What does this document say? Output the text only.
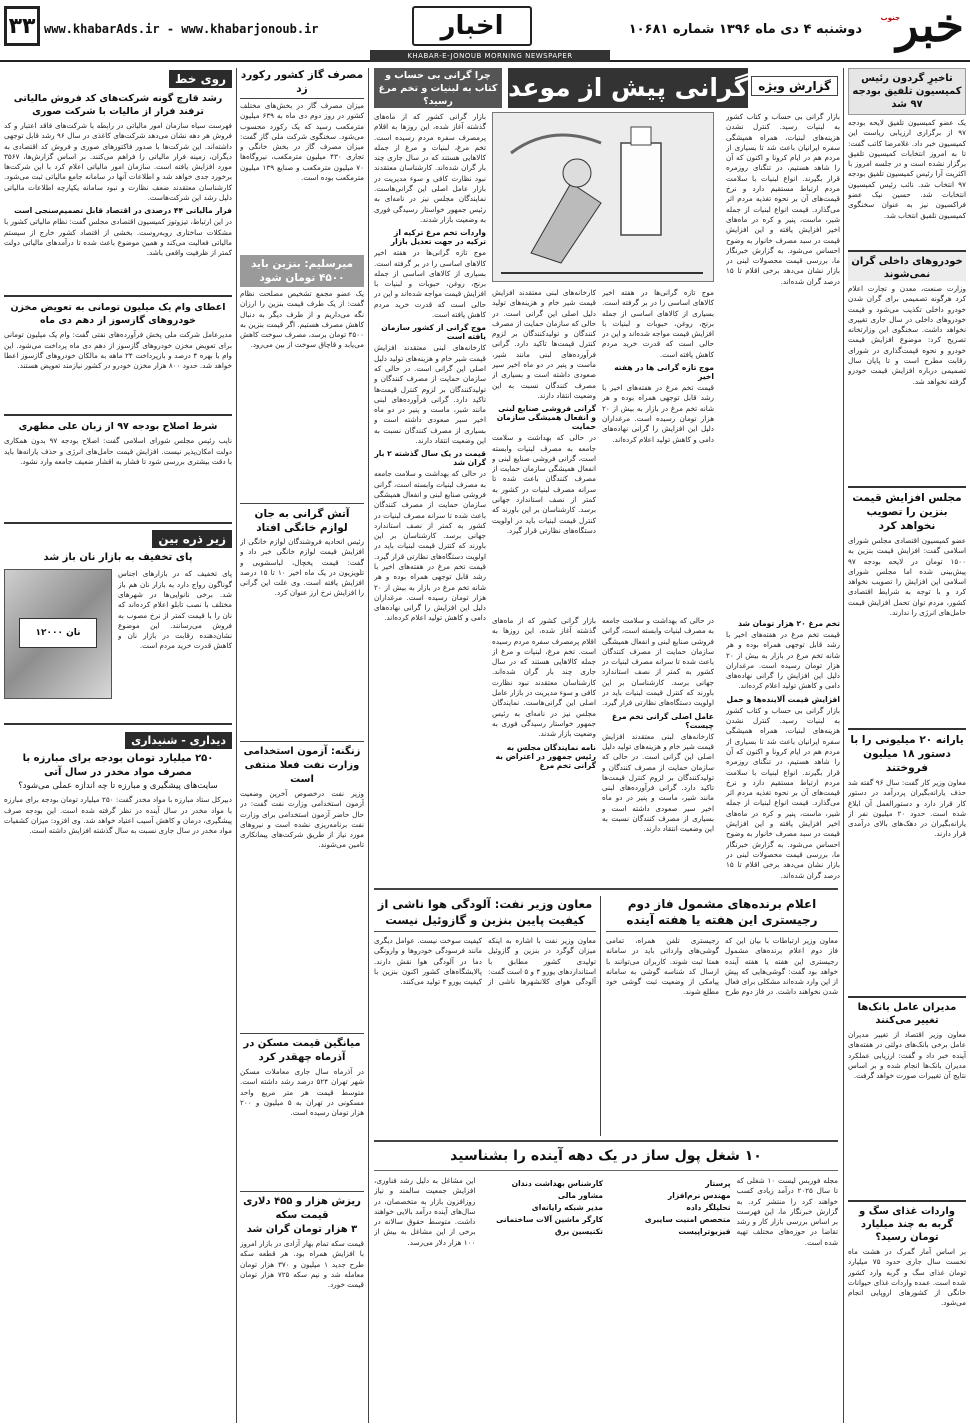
خبر
جنوب
دوشنبه ۴ دی ماه ۱۳۹۶ شماره ۱۰۶۸۱
اخبار
www.khabarAds.ir - www.khabarjonoub.ir
۳۳
KHABAR-E-JONOUB MORNING NEWSPAPER
تاخیرِ گردون رئیس کمیسیون تلفیق بودجه ۹۷ شد
یک عضو کمیسیون تلفیق لایحه بودجه ۹۷ از برگزاری ارزیابی ریاست این کمیسیون خبر داد. غلامرضا کاتب گفت: تا به امروز انتخابات کمیسیون تلفیق برگزار نشده است و در جلسه امروز با اکثریت آرا رئیس کمیسیون تلفیق بودجه ۹۷ انتخاب شد. نائب رئیس کمیسیون انتخابات شد. حسین نیک عضو فراکسیون نیز به عنوان سخنگوی کمیسیون تلفیق انتخاب شد.
خودروهای داخلی گران نمی‌شوند
وزارت صنعت، معدن و تجارت اعلام کرد هرگونه تصمیمی برای گران شدن خودرو داخلی تکذیب می‌شود و قیمت خودروهای داخلی در سال جاری تغییری نخواهد داشت. سخنگوی این وزارتخانه تصریح کرد: موضوع افزایش قیمت خودرو و نحوه قیمت‌گذاری در شورای رقابت مطرح است و تا پایان سال تصمیمی درباره افزایش قیمت خودرو گرفته نخواهد شد.
مجلس افزایش قیمت بنزین را تصویب نخواهد کرد
عضو کمیسیون اقتصادی مجلس شورای اسلامی گفت: افزایش قیمت بنزین به ۱۵۰۰ تومان در لایحه بودجه ۹۷ پیش‌بینی شده اما مجلس شورای اسلامی این افزایش را تصویب نخواهد کرد و با توجه به شرایط اقتصادی کشور، مردم توان تحمل افزایش قیمت حامل‌های انرژی را ندارند.
یارانه ۲۰ میلیونی را با دستور ۱۸ میلیون فروختند
معاون وزیر کار گفت: سال ۹۶ گفته شد حذف یارانه‌بگیران پردرآمد در دستور کار قرار دارد و دستورالعمل آن ابلاغ شده است. حدود ۲۰ میلیون نفر از یارانه‌بگیران در دهک‌های بالای درآمدی قرار دارند.
مدیران عامل بانک‌ها تغییر می‌کنند
معاون وزیر اقتصاد از تغییر مدیران عامل برخی بانک‌های دولتی در هفته‌های آینده خبر داد و گفت: ارزیابی عملکرد مدیران بانک‌ها انجام شده و بر اساس نتایج آن تغییرات صورت خواهد گرفت.
واردات غذای سگ و گربه به چند میلیارد تومان رسید؟
بر اساس آمار گمرک در هشت ماه نخست سال جاری حدود ۷۵ میلیارد تومان غذای سگ و گربه وارد کشور شده است. عمده واردات غذای حیوانات خانگی از کشورهای اروپایی انجام می‌شود.
گزارش ویژه
گرانی پیش از موعد
چرا گرانی بی حساب و کتاب به لبنیات و تخم مرغ رسید؟
بازار گرانی بی حساب و کتاب کشور به لبنیات رسید. کنترل نشدن هزینه‌های لبنیات، همراه همیشگی سفره ایرانیان باعث شد تا بسیاری از مردم هم در ایام کرونا و اکنون که آن را شاهد هستیم، در تنگنای روزمره قرار بگیرند. انواع لبنیات با سلامت مردم ارتباط مستقیم دارد و نرخ قیمت‌های آن بر نحوه تغذیه مردم اثر می‌گذارد. قیمت انواع لبنیات از جمله شیر، ماست، پنیر و کره در ماه‌های اخیر افزایش یافته و این افزایش قیمت در سبد مصرف خانوار به وضوح احساس می‌شود. به گزارش خبرنگار ما، بررسی قیمت محصولات لبنی در بازار نشان می‌دهد برخی اقلام تا ۱۵ درصد گران شده‌اند.
کارخانه‌های لبنی معتقدند افزایش قیمت شیر خام و هزینه‌های تولید دلیل اصلی این گرانی است. در حالی که سازمان حمایت از مصرف کنندگان و تولیدکنندگان بر لزوم کنترل قیمت‌ها تاکید دارد. گرانی فرآورده‌های لبنی مانند شیر، ماست و پنیر در دو ماه اخیر سیر صعودی داشته است و بسیاری از مصرف کنندگان نسبت به این وضعیت انتقاد دارند.
گرانی فروشی صنایع لبنی و انفعال همیشگی سازمان حمایت
در حالی که بهداشت و سلامت جامعه به مصرف لبنیات وابسته است، گرانی فروشی صنایع لبنی و انفعال همیشگی سازمان حمایت از مصرف کنندگان باعث شده تا سرانه مصرف لبنیات در کشور به کمتر از نصف استاندارد جهانی برسد. کارشناسان بر این باورند که کنترل قیمت لبنیات باید در اولویت دستگاه‌های نظارتی قرار گیرد.
موج تازه گرانی‌ها در هفته اخیر کالاهای اساسی را در بر گرفته است. بسیاری از کالاهای اساسی از جمله برنج، روغن، حبوبات و لبنیات با افزایش قیمت مواجه شده‌اند و این در حالی است که قدرت خرید مردم کاهش یافته است.
موج تازه گرانی ها در هفته اخیر
قیمت تخم مرغ در هفته‌های اخیر با رشد قابل توجهی همراه بوده و هر شانه تخم مرغ در بازار به بیش از ۲۰ هزار تومان رسیده است. مرغداران دلیل این افزایش را گرانی نهاده‌های دامی و کاهش تولید اعلام کرده‌اند.
تخم مرغ ۲۰ هزار تومان شد
قیمت تخم مرغ در هفته‌های اخیر با رشد قابل توجهی همراه بوده و هر شانه تخم مرغ در بازار به بیش از ۲۰ هزار تومان رسیده است. مرغداران دلیل این افزایش را گرانی نهاده‌های دامی و کاهش تولید اعلام کرده‌اند.
افزایش قیمت آلاینده‌ها و حمل
بازار گرانی بی حساب و کتاب کشور به لبنیات رسید. کنترل نشدن هزینه‌های لبنیات، همراه همیشگی سفره ایرانیان باعث شد تا بسیاری از مردم هم در ایام کرونا و اکنون که آن را شاهد هستیم، در تنگنای روزمره قرار بگیرند. انواع لبنیات با سلامت مردم ارتباط مستقیم دارد و نرخ قیمت‌های آن بر نحوه تغذیه مردم اثر می‌گذارد. قیمت انواع لبنیات از جمله شیر، ماست، پنیر و کره در ماه‌های اخیر افزایش یافته و این افزایش قیمت در سبد مصرف خانوار به وضوح احساس می‌شود. به گزارش خبرنگار ما، بررسی قیمت محصولات لبنی در بازار نشان می‌دهد برخی اقلام تا ۱۵ درصد گران شده‌اند.
در حالی که بهداشت و سلامت جامعه به مصرف لبنیات وابسته است، گرانی فروشی صنایع لبنی و انفعال همیشگی سازمان حمایت از مصرف کنندگان باعث شده تا سرانه مصرف لبنیات در کشور به کمتر از نصف استاندارد جهانی برسد. کارشناسان بر این باورند که کنترل قیمت لبنیات باید در اولویت دستگاه‌های نظارتی قرار گیرد.
عامل اصلی گرانی تخم مرغ چیست؟
کارخانه‌های لبنی معتقدند افزایش قیمت شیر خام و هزینه‌های تولید دلیل اصلی این گرانی است. در حالی که سازمان حمایت از مصرف کنندگان و تولیدکنندگان بر لزوم کنترل قیمت‌ها تاکید دارد. گرانی فرآورده‌های لبنی مانند شیر، ماست و پنیر در دو ماه اخیر سیر صعودی داشته است و بسیاری از مصرف کنندگان نسبت به این وضعیت انتقاد دارند.
بازار گرانی کشور که از ماه‌های گذشته آغاز شده، این روزها به اقلام پرمصرف سفره مردم رسیده است. تخم مرغ، لبنیات و مرغ از جمله کالاهایی هستند که در سال جاری چند بار گران شده‌اند. کارشناسان معتقدند نبود نظارت کافی و سوء مدیریت در بازار عامل اصلی این گرانی‌هاست. نمایندگان مجلس نیز در نامه‌ای به رئیس جمهور خواستار رسیدگی فوری به وضعیت بازار شدند.
نامه نمایندگان مجلس به رئیس جمهور در اعتراض به گرانی تخم مرغ
بازار گرانی کشور که از ماه‌های گذشته آغاز شده، این روزها به اقلام پرمصرف سفره مردم رسیده است. تخم مرغ، لبنیات و مرغ از جمله کالاهایی هستند که در سال جاری چند بار گران شده‌اند. کارشناسان معتقدند نبود نظارت کافی و سوء مدیریت در بازار عامل اصلی این گرانی‌هاست. نمایندگان مجلس نیز در نامه‌ای به رئیس جمهور خواستار رسیدگی فوری به وضعیت بازار شدند.
واردات تخم مرغ ترکیه از ترکیه در جهت تعدیل بازار
موج تازه گرانی‌ها در هفته اخیر کالاهای اساسی را در بر گرفته است. بسیاری از کالاهای اساسی از جمله برنج، روغن، حبوبات و لبنیات با افزایش قیمت مواجه شده‌اند و این در حالی است که قدرت خرید مردم کاهش یافته است.
موج گرانی از کشور سازمان یافته است
کارخانه‌های لبنی معتقدند افزایش قیمت شیر خام و هزینه‌های تولید دلیل اصلی این گرانی است. در حالی که سازمان حمایت از مصرف کنندگان و تولیدکنندگان بر لزوم کنترل قیمت‌ها تاکید دارد. گرانی فرآورده‌های لبنی مانند شیر، ماست و پنیر در دو ماه اخیر سیر صعودی داشته است و بسیاری از مصرف کنندگان نسبت به این وضعیت انتقاد دارند.
قیمت در یک سال گذشته ۲ بار گران شد
در حالی که بهداشت و سلامت جامعه به مصرف لبنیات وابسته است، گرانی فروشی صنایع لبنی و انفعال همیشگی سازمان حمایت از مصرف کنندگان باعث شده تا سرانه مصرف لبنیات در کشور به کمتر از نصف استاندارد جهانی برسد. کارشناسان بر این باورند که کنترل قیمت لبنیات باید در اولویت دستگاه‌های نظارتی قرار گیرد.
قیمت تخم مرغ در هفته‌های اخیر با رشد قابل توجهی همراه بوده و هر شانه تخم مرغ در بازار به بیش از ۲۰ هزار تومان رسیده است. مرغداران دلیل این افزایش را گرانی نهاده‌های دامی و کاهش تولید اعلام کرده‌اند.
اعلام برنده‌های مشمول فاز دوم رجیستری این هفته یا هفته آینده
معاون وزیر ارتباطات با بیان این که فاز دوم اعلام برنده‌های مشمول رجیستری این هفته یا هفته آینده خواهد بود گفت: گوشی‌هایی که پیش از این وارد شده‌اند مشکلی برای فعال شدن نخواهند داشت. در فاز دوم طرح رجیستری تلفن همراه، تمامی گوشی‌های وارداتی باید در سامانه همتا ثبت شوند. کاربران می‌توانند با ارسال کد شناسه گوشی به سامانه پیامکی از وضعیت ثبت گوشی خود مطلع شوند.
معاون وزیر نفت: آلودگی هوا ناشی از کیفیت پایین بنزین و گازوئیل نیست
معاون وزیر نفت با اشاره به اینکه میزان گوگرد در بنزین و گازوئیل تولیدی کشور مطابق با استانداردهای یورو ۴ و ۵ است گفت: آلودگی هوای کلانشهرها ناشی از کیفیت سوخت نیست. عوامل دیگری مانند فرسودگی خودروها و وارونگی دما در آلودگی هوا نقش دارند. پالایشگاه‌های کشور اکنون بنزین با کیفیت یورو ۴ تولید می‌کنند.
۱۰ شغل پول ساز در یک دهه آینده را بشناسید
مجله فوربس لیست ۱۰ شغلی که تا سال ۲۰۲۵ درآمد زیادی کسب خواهند کرد را منتشر کرد. به گزارش خبرنگار ما، این فهرست بر اساس بررسی بازار کار و رشد تقاضا در حوزه‌های مختلف تهیه شده است.
پرستار
مهندس نرم‌افزار
تحلیلگر داده
متخصص امنیت سایبری
فیزیوتراپیست
کارشناس بهداشت دندان
مشاور مالی
مدیر شبکه رایانه‌ای
کارگر ماشین آلات ساختمانی
تکنیسین برق
این مشاغل به دلیل رشد فناوری، افزایش جمعیت سالمند و نیاز روزافزون بازار به متخصصان، در سال‌های آینده درآمد بالایی خواهند داشت. متوسط حقوق سالانه در برخی از این مشاغل به بیش از ۱۰۰ هزار دلار می‌رسد.
مصرف گاز کشور رکورد زد
میزان مصرف گاز در بخش‌های مختلف کشور در روز دوم دی ماه به ۶۳۹ میلیون مترمکعب رسید که یک رکورد محسوب می‌شود. سخنگوی شرکت ملی گاز گفت: میزان مصرف گاز در بخش خانگی و تجاری ۴۳۰ میلیون مترمکعب، نیروگاه‌ها ۷۰ میلیون مترمکعب و صنایع ۱۳۹ میلیون مترمکعب بوده است.
میرسلیم: بنزین باید ۴۵۰۰ تومان شود
یک عضو مجمع تشخیص مصلحت نظام گفت: از یک طرف قیمت بنزین را ارزان نگه می‌داریم و از طرف دیگر به دنبال کاهش مصرف هستیم. اگر قیمت بنزین به ۴۵۰۰ تومان برسد، مصرف سوخت کاهش می‌یابد و قاچاق سوخت از بین می‌رود.
آتش گرانی به جان لوازم خانگی افتاد
رئیس اتحادیه فروشندگان لوازم خانگی از افزایش قیمت لوازم خانگی خبر داد و گفت: قیمت یخچال، لباسشویی و تلویزیون در یک ماه اخیر ۱۰ تا ۱۵ درصد افزایش یافته است. وی علت این گرانی را افزایش نرخ ارز عنوان کرد.
زنگنه: آزمون استخدامی وزارت نفت فعلا منتفی است
وزیر نفت درخصوص آخرین وضعیت آزمون استخدامی وزارت نفت گفت: در حال حاضر آزمون استخدامی برای وزارت نفت برنامه‌ریزی نشده است و نیروهای مورد نیاز از طریق شرکت‌های پیمانکاری تامین می‌شوند.
میانگین قیمت مسکن در آذرماه چهقدر کرد
در آذرماه سال جاری معاملات مسکن شهر تهران ۵۲۴ درصد رشد داشته است. متوسط قیمت هر متر مربع واحد مسکونی در تهران به ۵ میلیون و ۲۰۰ هزار تومان رسیده است.
ریزش هزار و ۴۵۵ دلاری قیمت سکه
۳ هزار تومان گران شد
قیمت سکه تمام بهار آزادی در بازار امروز با افزایش همراه بود. هر قطعه سکه طرح جدید ۱ میلیون و ۳۷۰ هزار تومان معامله شد و نیم سکه ۷۲۵ هزار تومان قیمت خورد.
روی خط
رشد قارچ گونه شرکت‌های کد فروش مالیاتی ترفند فرار از مالیات با شرکت صوری
فهرست سیاه سازمان امور مالیاتی در رابطه با شرکت‌های فاقد اعتبار و کد فروش هر دهه نشان می‌دهد شرکت‌های کاغذی در سال ۹۶ رشد قابل توجهی داشته‌اند. این شرکت‌ها با صدور فاکتورهای صوری و فروش کد اقتصادی به دیگران، زمینه فرار مالیاتی را فراهم می‌کنند. بر اساس گزارش‌ها، ۳۵۶۷ مورد افزایش یافته است. سازمان امور مالیاتی اعلام کرد با این شرکت‌ها برخورد جدی خواهد شد و اطلاعات آنها در سامانه جامع مالیاتی ثبت می‌شود. کارشناسان معتقدند ضعف نظارت و نبود سامانه یکپارچه اطلاعات مالیاتی دلیل رشد این شرکت‌هاست.
فرار مالیاتی ۴۴ درصدی در اقتصاد قابل تصمیم‌سنجی است
در این ارتباط، تیزوتوز کمیسیون اقتصادی مجلس گفت: نظام مالیاتی کشور با مشکلات ساختاری روبه‌روست. بخشی از اقتصاد کشور خارج از سیستم مالیاتی فعالیت می‌کند و همین موضوع باعث شده تا درآمدهای مالیاتی دولت کمتر از ظرفیت واقعی باشد.
اعطای وام یک میلیون تومانی به تعویض مخزن خودروهای گازسوز از دهم دی ماه
مدیرعامل شرکت ملی پخش فرآورده‌های نفتی گفت: وام یک میلیون تومانی برای تعویض مخزن خودروهای گازسوز از دهم دی ماه پرداخت می‌شود. این وام با بهره ۴ درصد و بازپرداخت ۲۴ ماهه به مالکان خودروهای گازسوز اعطا خواهد شد. حدود ۸۰۰ هزار مخزن خودرو در کشور نیازمند تعویض هستند.
شرط اصلاح بودجه ۹۷ از زبان علی مطهری
نایب رئیس مجلس شورای اسلامی گفت: اصلاح بودجه ۹۷ بدون همکاری دولت امکان‌پذیر نیست. افزایش قیمت حامل‌های انرژی و حذف یارانه‌ها باید با دقت بیشتری بررسی شود تا فشار به اقشار ضعیف جامعه وارد نشود.
زیر ذره بین
پای تخفیف به بازار نان باز شد
پای تخفیف که در بازارهای اجناس گوناگون رواج دارد به بازار نان هم باز شد. برخی نانوایی‌ها در شهرهای مختلف با نصب تابلو اعلام کرده‌اند که نان را با قیمت کمتر از نرخ مصوب به فروش می‌رسانند. این موضوع نشان‌دهنده رقابت در بازار نان و کاهش قدرت خرید مردم است.
نان ۱۲۰۰۰
دیداری - شنیداری
۲۵۰ میلیارد تومان بودجه برای مبارزه با مصرف مواد مخدر در سال آتی
سایت‌های پیشگیری و مبارزه تا چه اندازه عملی می‌شود؟
دبیرکل ستاد مبارزه با مواد مخدر گفت: ۲۵۰ میلیارد تومان بودجه برای مبارزه با مواد مخدر در سال آینده در نظر گرفته شده است. این بودجه صرف پیشگیری، درمان و کاهش آسیب اعتیاد خواهد شد. وی افزود: میزان کشفیات مواد مخدر در سال جاری نسبت به سال گذشته افزایش داشته است.
